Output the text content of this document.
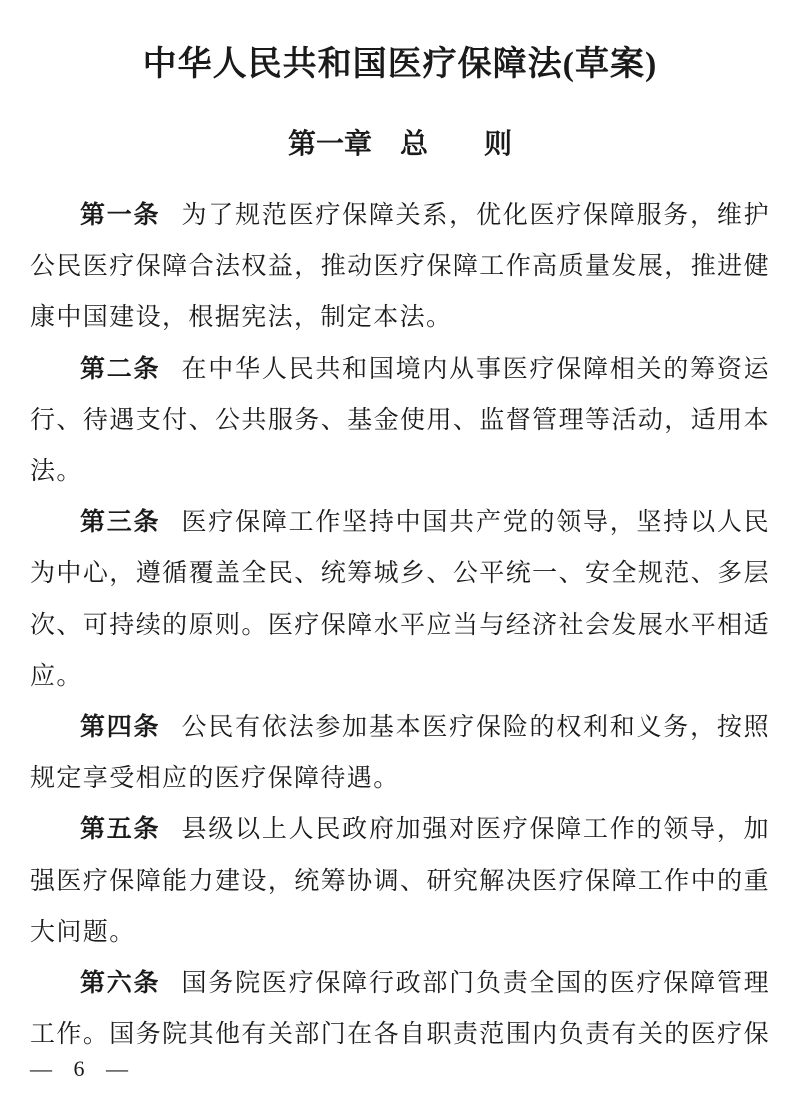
中华人民共和国医疗保障法(草案)
第一章　总　　则

第一条 为了规范医疗保障关系，优化医疗保障服务，维护公民医疗保障合法权益，推动医疗保障工作高质量发展，推进健康中国建设，根据宪法，制定本法。

第二条 在中华人民共和国境内从事医疗保障相关的筹资运行、待遇支付、公共服务、基金使用、监督管理等活动，适用本法。

第三条 医疗保障工作坚持中国共产党的领导，坚持以人民为中心，遵循覆盖全民、统筹城乡、公平统一、安全规范、多层次、可持续的原则。医疗保障水平应当与经济社会发展水平相适应。

第四条 公民有依法参加基本医疗保险的权利和义务，按照规定享受相应的医疗保障待遇。

第五条 县级以上人民政府加强对医疗保障工作的领导，加强医疗保障能力建设，统筹协调、研究解决医疗保障工作中的重大问题。

第六条 国务院医疗保障行政部门负责全国的医疗保障管理工作。国务院其他有关部门在各自职责范围内负责有关的医疗保

— 6 —
